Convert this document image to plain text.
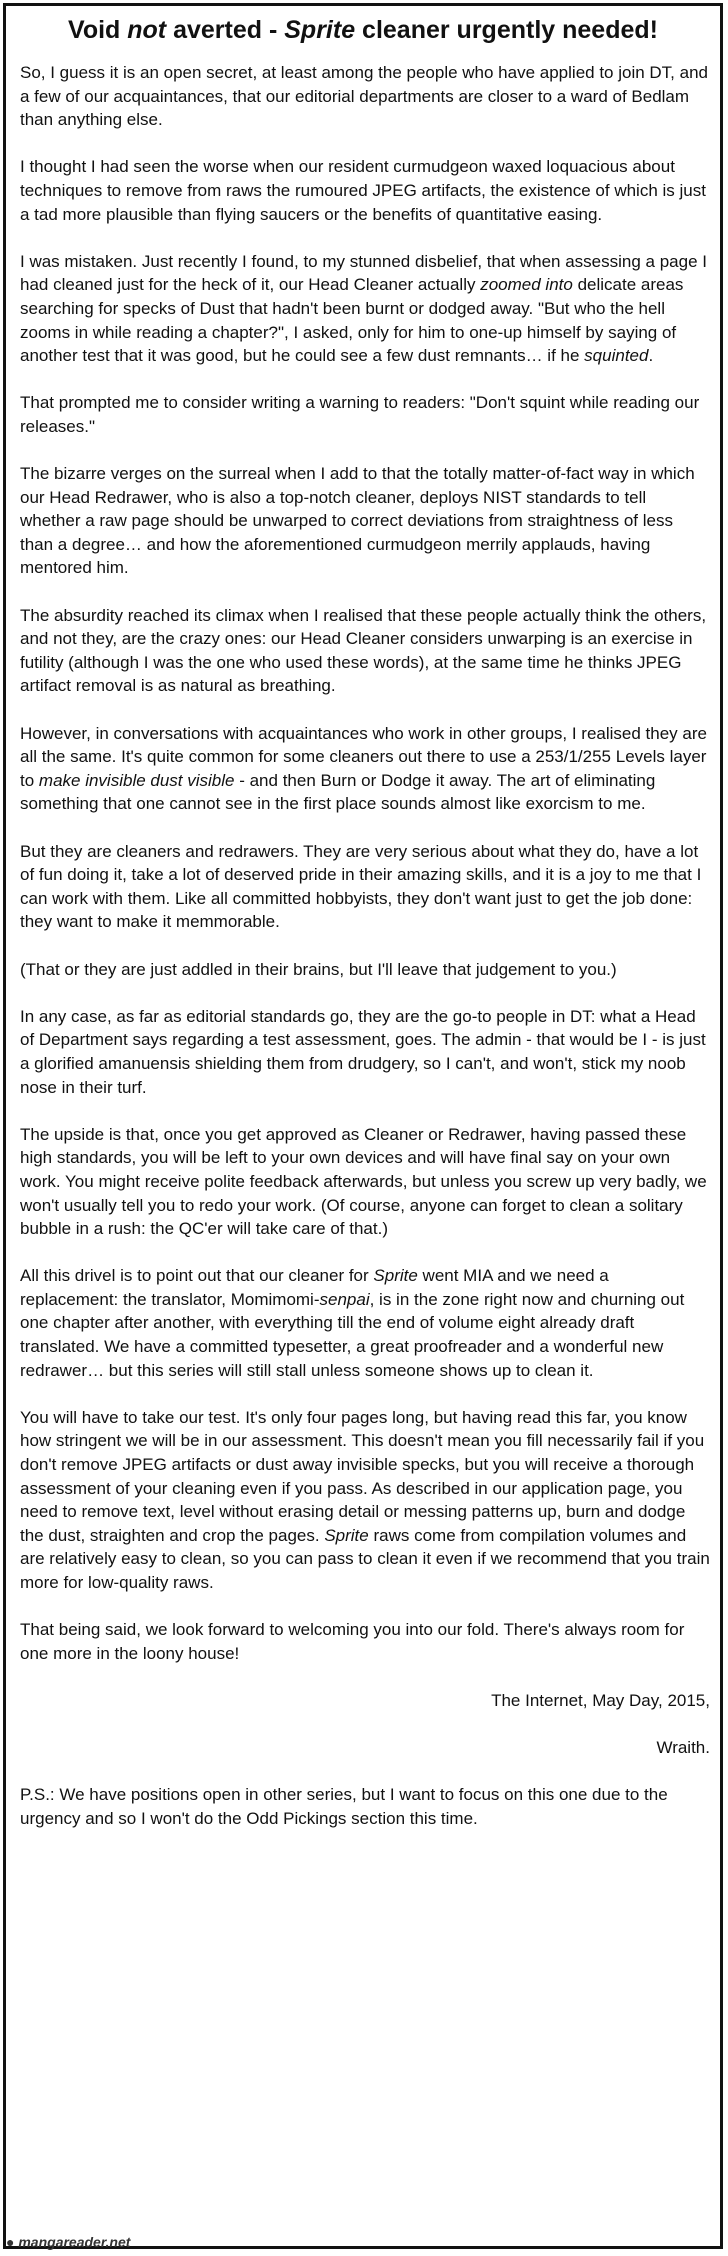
Void not averted - Sprite cleaner urgently needed!

So, I guess it is an open secret, at least among the people who have applied to join DT, and a few of our acquaintances, that our editorial departments are closer to a ward of Bedlam than anything else.

I thought I had seen the worse when our resident curmudgeon waxed loquacious about techniques to remove from raws the rumoured JPEG artifacts, the existence of which is just a tad more plausible than flying saucers or the benefits of quantitative easing.

I was mistaken. Just recently I found, to my stunned disbelief, that when assessing a page I had cleaned just for the heck of it, our Head Cleaner actually zoomed into delicate areas searching for specks of Dust that hadn't been burnt or dodged away. "But who the hell zooms in while reading a chapter?", I asked, only for him to one-up himself by saying of another test that it was good, but he could see a few dust remnants… if he squinted.

That prompted me to consider writing a warning to readers: "Don't squint while reading our releases."

The bizarre verges on the surreal when I add to that the totally matter-of-fact way in which our Head Redrawer, who is also a top-notch cleaner, deploys NIST standards to tell whether a raw page should be unwarped to correct deviations from straightness of less than a degree… and how the aforementioned curmudgeon merrily applauds, having mentored him.

The absurdity reached its climax when I realised that these people actually think the others, and not they, are the crazy ones: our Head Cleaner considers unwarping is an exercise in futility (although I was the one who used these words), at the same time he thinks JPEG artifact removal is as natural as breathing.

However, in conversations with acquaintances who work in other groups, I realised they are all the same. It's quite common for some cleaners out there to use a 253/1/255 Levels layer to make invisible dust visible - and then Burn or Dodge it away. The art of eliminating something that one cannot see in the first place sounds almost like exorcism to me.

But they are cleaners and redrawers. They are very serious about what they do, have a lot of fun doing it, take a lot of deserved pride in their amazing skills, and it is a joy to me that I can work with them. Like all committed hobbyists, they don't want just to get the job done: they want to make it memmorable.

(That or they are just addled in their brains, but I'll leave that judgement to you.)

In any case, as far as editorial standards go, they are the go-to people in DT: what a Head of Department says regarding a test assessment, goes. The admin - that would be I - is just a glorified amanuensis shielding them from drudgery, so I can't, and won't, stick my noob nose in their turf.

The upside is that, once you get approved as Cleaner or Redrawer, having passed these high standards, you will be left to your own devices and will have final say on your own work. You might receive polite feedback afterwards, but unless you screw up very badly, we won't usually tell you to redo your work. (Of course, anyone can forget to clean a solitary bubble in a rush: the QC'er will take care of that.)

All this drivel is to point out that our cleaner for Sprite went MIA and we need a replacement: the translator, Momimomi-senpai, is in the zone right now and churning out one chapter after another, with everything till the end of volume eight already draft translated. We have a committed typesetter, a great proofreader and a wonderful new redrawer… but this series will still stall unless someone shows up to clean it.

You will have to take our test. It's only four pages long, but having read this far, you know how stringent we will be in our assessment. This doesn't mean you fill necessarily fail if you don't remove JPEG artifacts or dust away invisible specks, but you will receive a thorough assessment of your cleaning even if you pass. As described in our application page, you need to remove text, level without erasing detail or messing patterns up, burn and dodge the dust, straighten and crop the pages. Sprite raws come from compilation volumes and are relatively easy to clean, so you can pass to clean it even if we recommend that you train more for low-quality raws.

That being said, we look forward to welcoming you into our fold. There's always room for one more in the loony house!

The Internet, May Day, 2015,

Wraith.

P.S.: We have positions open in other series, but I want to focus on this one due to the urgency and so I won't do the Odd Pickings section this time.

● mangareader.net
